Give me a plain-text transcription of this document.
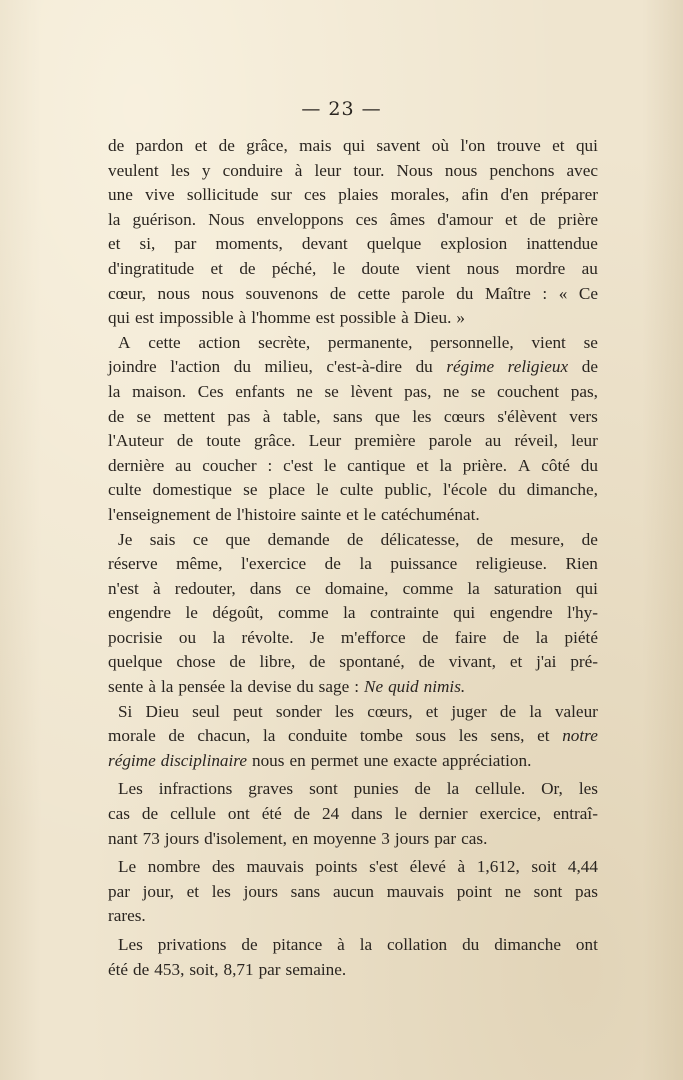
— 23 —
de pardon et de grâce, mais qui savent où l'on trouve et qui
veulent les y conduire à leur tour. Nous nous penchons avec
une vive sollicitude sur ces plaies morales, afin d'en préparer
la guérison. Nous enveloppons ces âmes d'amour et de prière
et si, par moments, devant quelque explosion inattendue
d'ingratitude et de péché, le doute vient nous mordre au
cœur, nous nous souvenons de cette parole du Maître : « Ce
qui est impossible à l'homme est possible à Dieu. »
A cette action secrète, permanente, personnelle, vient se
joindre l'action du milieu, c'est-à-dire du régime religieux de
la maison. Ces enfants ne se lèvent pas, ne se couchent pas,
de se mettent pas à table, sans que les cœurs s'élèvent vers
l'Auteur de toute grâce. Leur première parole au réveil, leur
dernière au coucher : c'est le cantique et la prière. A côté du
culte domestique se place le culte public, l'école du dimanche,
l'enseignement de l'histoire sainte et le catéchuménat.
Je sais ce que demande de délicatesse, de mesure, de
réserve même, l'exercice de la puissance religieuse. Rien
n'est à redouter, dans ce domaine, comme la saturation qui
engendre le dégoût, comme la contrainte qui engendre l'hy-
pocrisie ou la révolte. Je m'efforce de faire de la piété
quelque chose de libre, de spontané, de vivant, et j'ai pré-
sente à la pensée la devise du sage : Ne quid nimis.
Si Dieu seul peut sonder les cœurs, et juger de la valeur
morale de chacun, la conduite tombe sous les sens, et notre
régime disciplinaire nous en permet une exacte appréciation.
Les infractions graves sont punies de la cellule. Or, les
cas de cellule ont été de 24 dans le dernier exercice, entraî-
nant 73 jours d'isolement, en moyenne 3 jours par cas.
Le nombre des mauvais points s'est élevé à 1,612, soit 4,44
par jour, et les jours sans aucun mauvais point ne sont pas
rares.
Les privations de pitance à la collation du dimanche ont
été de 453, soit, 8,71 par semaine.
